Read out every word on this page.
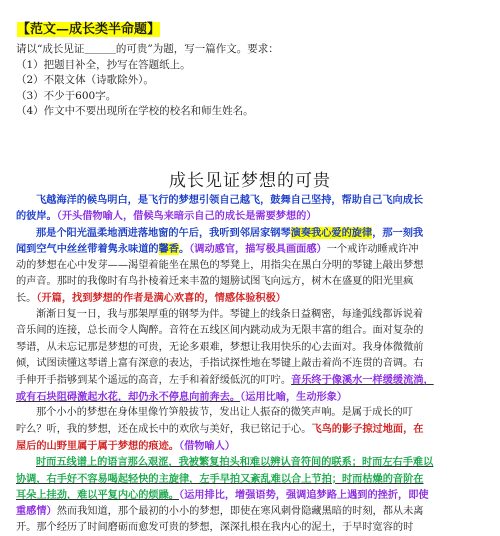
【范文—成长类半命题】
请以“成长见证＿＿＿的可贵”为题，写一篇作文。要求：
（1）把题目补全，抄写在答题纸上。
（2）不限文体（诗歌除外）。
（3）不少于600字。
（4）作文中不要出现所在学校的校名和师生姓名。
成长见证梦想的可贵
飞越海洋的候鸟明白，是飞行的梦想引领自己越飞，鼓舞自己坚持，帮助自己飞向成长
的彼岸。（开头借物喻人，借候鸟来暗示自己的成长是需要梦想的）
那是个阳光温柔地洒进落地窗的午后，我听到邻居家钢琴演奏我心爱的旋律，那一刻我
闻到空气中丝丝带着隽永味道的馨香。（调动感官，描写极具画面感）一个戒许动睡戒许冲
动的梦想在心中发芽——渴望着能坐在黑色的琴凳上，用指尖在黑白分明的琴键上敲出梦想
的声音。那时的我像时有鸟扑棱着迁来丰盈的翅膀试图飞向远方，树木在盛夏的阳光里疯
长。（开篇，找到梦想的作者是满心欢喜的，情感体验积极）
渐渐日复一日，我与那架厚重的钢琴为伴。琴键上的线条日益稠密，每逢弧线都诉说着
音乐间的连接，总长而令人陶醉。音符在五线区间内跳动成为无限丰富的组合。面对复杂的
琴谱，从未忘记那是梦想的可贵，无论多艰难，梦想让我用快乐的心去面对。我身体微微前
倾，试图读懂这琴谱上富有深意的表达，手指试探性地在琴键上敲击着尚不连贯的音调。右
手伸开手指够到某个遥远的高音，左手和着舒缓低沉的叮咛。音乐终于像溪水一样缓缓流淌，
或有石块阻碍激起水花，却仍永不停息向前奔去。（运用比喻，生动形象）
那个小小的梦想在身体里像竹笋般拔节，发出让人振奋的微笑声响。是属于成长的叮
咛么？听，我的梦想，还在成长中的欢欣与美好，我已铭记于心。飞鸟的影子掠过地面，在
屋后的山野里属于属于梦想的痕迹。（借物喻人）
时而五线谱上的语言那么艰涩，我被繁复拍头和难以辨认音符间的联系；时而左右手难以
协调，右手好不容易喝起轻快的主旋律，左手早拍又紊乱难以合上节拍；时而枯燥的音阶在
耳朵上挂劲，难以平复内心的烦躁。（运用排比，增强语势，强调追梦路上遇到的挫折，即使
重感情）然而我知道，那个最初的小小的梦想，即使在寒风刺骨隐藏黑暗的时刻，都从未离
开。那个经历了时间磨砺而愈发可贵的梦想，深深扎根在我内心的泥土，于早时宽容的时
